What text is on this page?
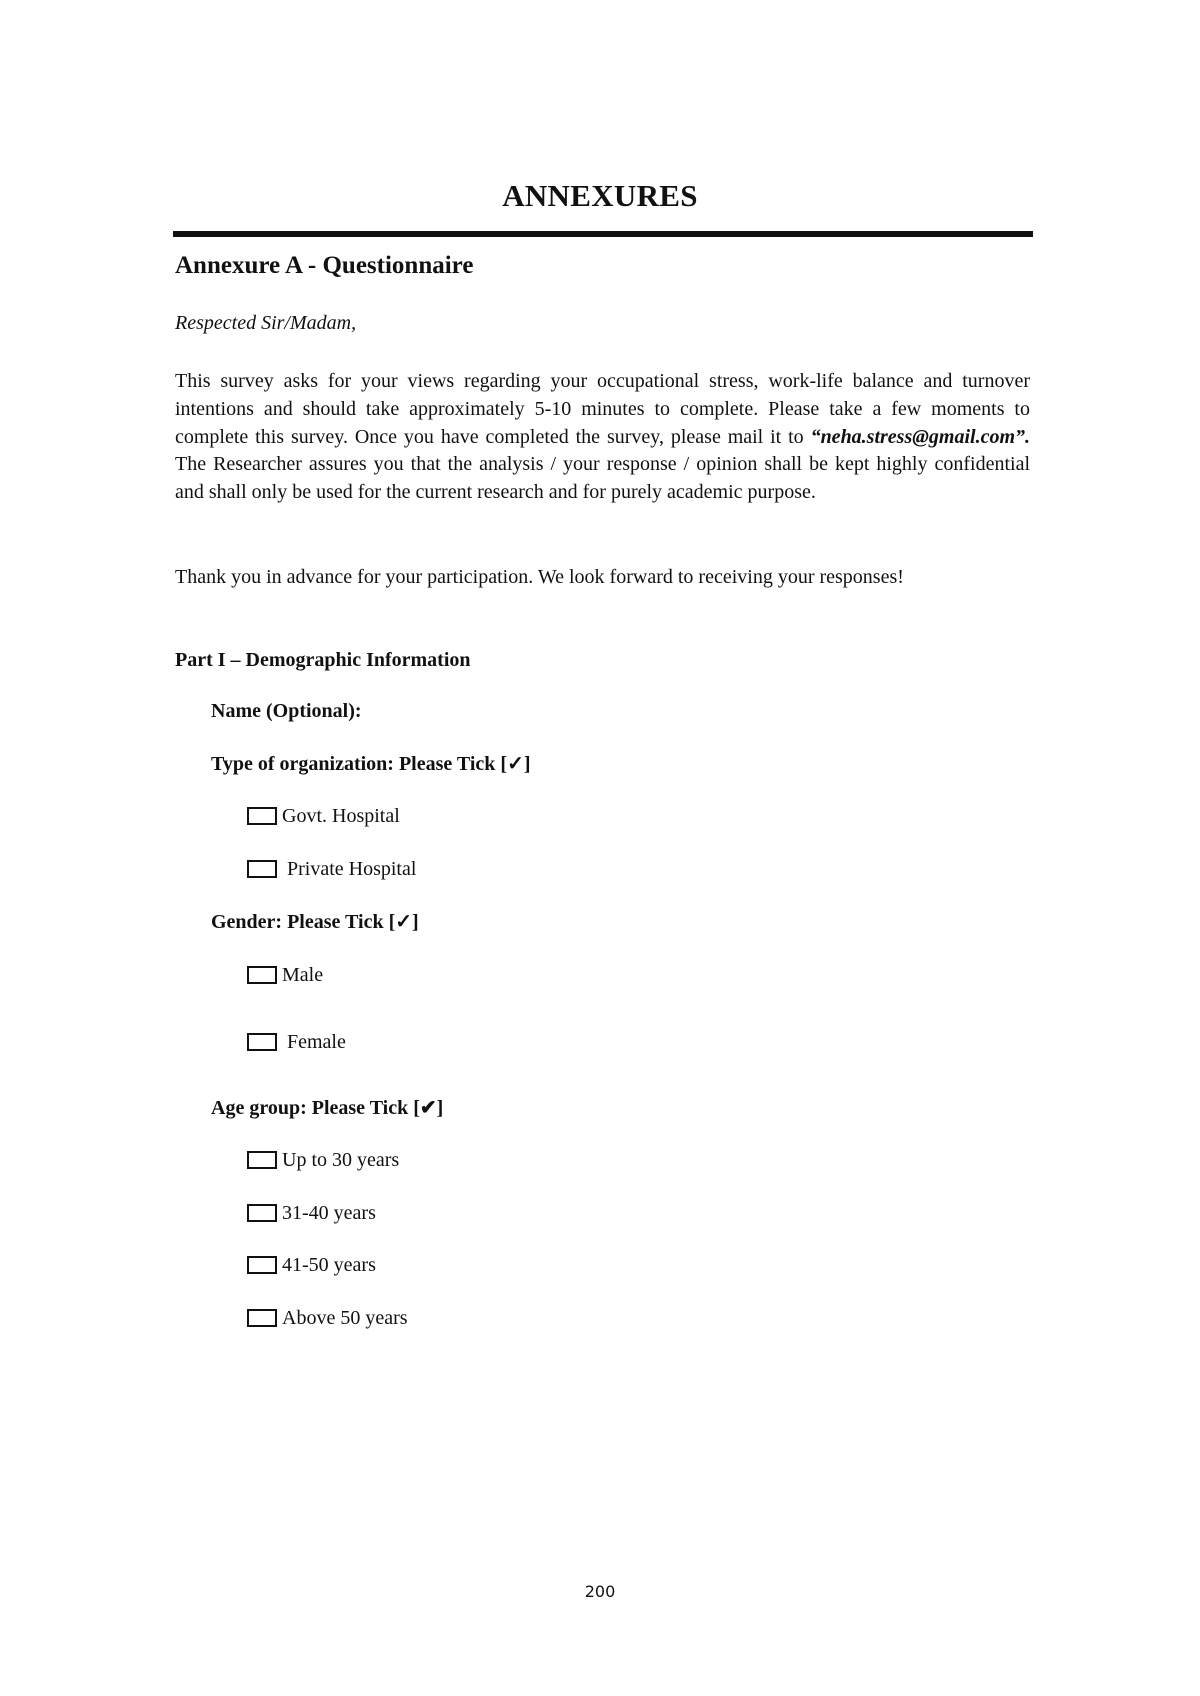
ANNEXURES
Annexure A - Questionnaire
Respected Sir/Madam,
This survey asks for your views regarding your occupational stress, work-life balance and turnover intentions and should take approximately 5-10 minutes to complete. Please take a few moments to complete this survey. Once you have completed the survey, please mail it to “neha.stress@gmail.com”. The Researcher assures you that the analysis / your response / opinion shall be kept highly confidential and shall only be used for the current research and for purely academic purpose.
Thank you in advance for your participation. We look forward to receiving your responses!
Part I – Demographic Information
Name (Optional):
Type of organization: Please Tick [✓]
Govt. Hospital
Private Hospital
Gender: Please Tick [✓]
Male
Female
Age group: Please Tick [✔]
Up to 30 years
31-40 years
41-50 years
Above 50 years
200
